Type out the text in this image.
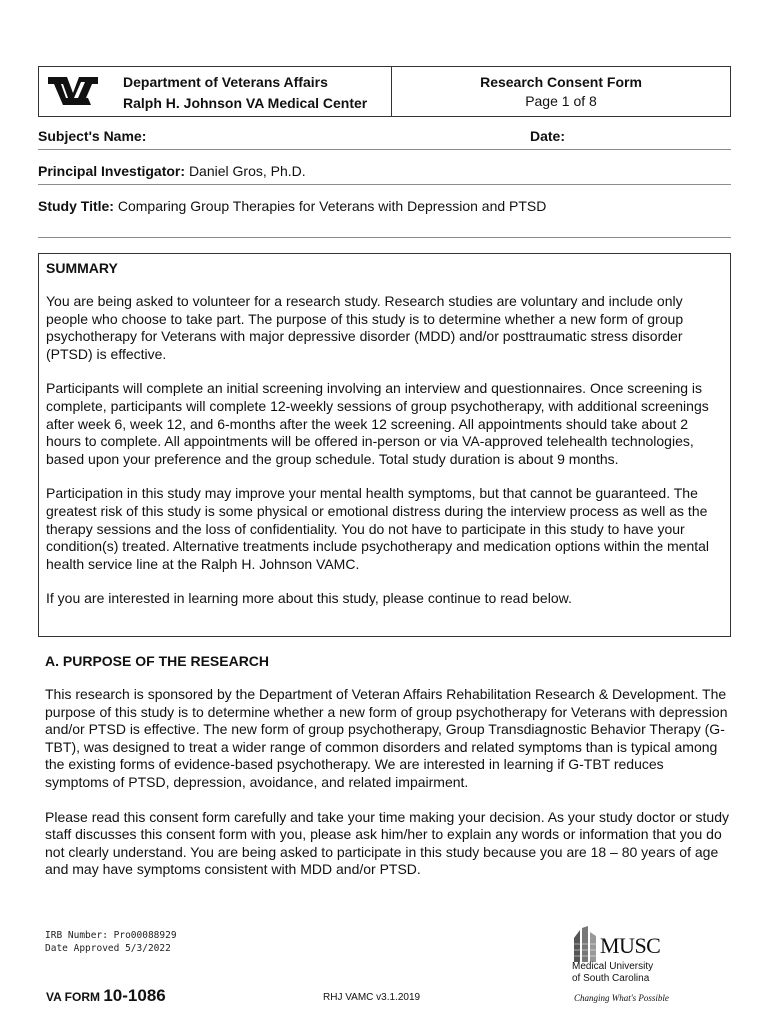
Department of Veterans Affairs
Ralph H. Johnson VA Medical Center
Research Consent Form
Page 1 of 8
Subject's Name:	Date:
Principal Investigator: Daniel Gros, Ph.D.
Study Title: Comparing Group Therapies for Veterans with Depression and PTSD
SUMMARY

You are being asked to volunteer for a research study. Research studies are voluntary and include only people who choose to take part. The purpose of this study is to determine whether a new form of group psychotherapy for Veterans with major depressive disorder (MDD) and/or posttraumatic stress disorder (PTSD) is effective.

Participants will complete an initial screening involving an interview and questionnaires. Once screening is complete, participants will complete 12-weekly sessions of group psychotherapy, with additional screenings after week 6, week 12, and 6-months after the week 12 screening. All appointments should take about 2 hours to complete. All appointments will be offered in-person or via VA-approved telehealth technologies, based upon your preference and the group schedule. Total study duration is about 9 months.

Participation in this study may improve your mental health symptoms, but that cannot be guaranteed. The greatest risk of this study is some physical or emotional distress during the interview process as well as the therapy sessions and the loss of confidentiality. You do not have to participate in this study to have your condition(s) treated. Alternative treatments include psychotherapy and medication options within the mental health service line at the Ralph H. Johnson VAMC.

If you are interested in learning more about this study, please continue to read below.

A. PURPOSE OF THE RESEARCH

This research is sponsored by the Department of Veteran Affairs Rehabilitation Research & Development. The purpose of this study is to determine whether a new form of group psychotherapy for Veterans with depression and/or PTSD is effective. The new form of group psychotherapy, Group Transdiagnostic Behavior Therapy (G-TBT), was designed to treat a wider range of common disorders and related symptoms than is typical among the existing forms of evidence-based psychotherapy. We are interested in learning if G-TBT reduces symptoms of PTSD, depression, avoidance, and related impairment.

Please read this consent form carefully and take your time making your decision. As your study doctor or study staff discusses this consent form with you, please ask him/her to explain any words or information that you do not clearly understand. You are being asked to participate in this study because you are 18 – 80 years of age and may have symptoms consistent with MDD and/or PTSD.

IRB Number: Pro00088929
Date Approved 5/3/2022	MUSC
Medical University
of South Carolina
Changing What's Possible
VA FORM 10-1086	RHJ VAMC v3.1.2019
